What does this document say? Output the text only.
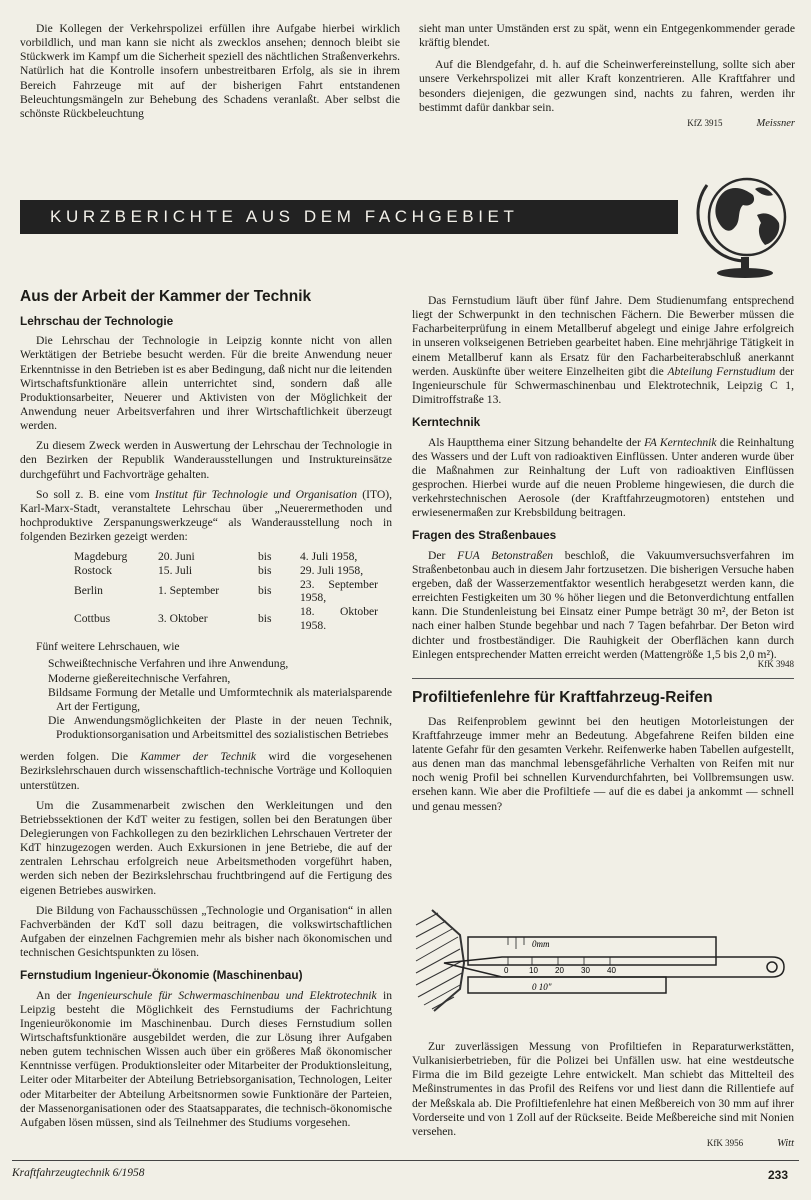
Die Kollegen der Verkehrspolizei erfüllen ihre Aufgabe hierbei wirklich vorbildlich, und man kann sie nicht als zwecklos ansehen; dennoch bleibt sie Stückwerk im Kampf um die Sicherheit speziell des nächtlichen Straßenverkehrs. Natürlich hat die Kontrolle insofern unbestreitbaren Erfolg, als sie in ihrem Bereich Fahrzeuge mit auf der bisherigen Fahrt entstandenen Beleuchtungsmängeln zur Behebung des Schadens veranlaßt. Aber selbst die schönste Rückbeleuchtung

sieht man unter Umständen erst zu spät, wenn ein Entgegenkommender gerade kräftig blendet.

Auf die Blendgefahr, d. h. auf die Scheinwerfereinstellung, sollte sich aber unsere Verkehrspolizei mit aller Kraft konzentrieren. Alle Kraftfahrer und besonders diejenigen, die gezwungen sind, nachts zu fahren, werden ihr bestimmt dafür dankbar sein.

KfZ 3915	Meissner
KURZBERICHTE AUS DEM FACHGEBIET
Aus der Arbeit der Kammer der Technik
Lehrschau der Technologie

Die Lehrschau der Technologie in Leipzig konnte nicht von allen Werktätigen der Betriebe besucht werden. Für die breite Anwendung neuer Erkenntnisse in den Betrieben ist es aber Bedingung, daß nicht nur die leitenden Wirtschaftsfunktionäre allein unterrichtet sind, sondern daß alle Produktionsarbeiter, Neuerer und Aktivisten von der Möglichkeit der Anwendung neuer Arbeitsverfahren und ihrer Wirtschaftlichkeit überzeugt werden.

Zu diesem Zweck werden in Auswertung der Lehrschau der Technologie in den Bezirken der Republik Wanderausstellungen und Instruktureinsätze durchgeführt und Fachvorträge gehalten.

So soll z. B. eine vom Institut für Technologie und Organisation (ITO), Karl-Marx-Stadt, veranstaltete Lehrschau über „Neuerermethoden und hochproduktive Zerspanungswerkzeuge“ als Wanderausstellung noch in folgenden Bezirken gezeigt werden:

Magdeburg	20. Juni	bis	4. Juli 1958,
Rostock	15. Juli	bis	29. Juli 1958,
Berlin	1. September	bis	23. September 1958,
Cottbus	3. Oktober	bis	18. Oktober 1958.

Fünf weitere Lehrschauen, wie

Schweißtechnische Verfahren und ihre Anwendung,
Moderne gießereitechnische Verfahren,
Bildsame Formung der Metalle und Umformtechnik als materialsparende Art der Fertigung,
Die Anwendungsmöglichkeiten der Plaste in der neuen Technik, Produktionsorganisation und Arbeitsmittel des sozialistischen Betriebes

werden folgen. Die Kammer der Technik wird die vorgesehenen Bezirkslehrschauen durch wissenschaftlich-technische Vorträge und Kolloquien unterstützen.

Um die Zusammenarbeit zwischen den Werkleitungen und den Betriebssektionen der KdT weiter zu festigen, sollen bei den Beratungen über Delegierungen von Fachkollegen zu den bezirklichen Lehrschauen Vertreter der KdT hinzugezogen werden. Auch Exkursionen in jene Betriebe, die auf der zentralen Lehrschau erfolgreich neue Arbeitsmethoden vorgeführt haben, werden sich neben der Bezirkslehrschau fruchtbringend auf die Fertigung des eigenen Betriebes auswirken.

Die Bildung von Fachausschüssen „Technologie und Organisation“ in allen Fachverbänden der KdT soll dazu beitragen, die volkswirtschaftlichen Aufgaben der einzelnen Fachgremien mehr als bisher nach ökonomischen und technischen Gesichtspunkten zu lösen.

Fernstudium Ingenieur-Ökonomie (Maschinenbau)

An der Ingenieurschule für Schwermaschinenbau und Elektrotechnik in Leipzig besteht die Möglichkeit des Fernstudiums der Fachrichtung Ingenieurökonomie im Maschinenbau. Durch dieses Fernstudium sollen Wirtschaftsfunktionäre ausgebildet werden, die zur Lösung ihrer Aufgaben neben gutem technischen Wissen auch über ein größeres Maß ökonomischer Kenntnisse verfügen. Produktionsleiter oder Mitarbeiter der Produktionsleitung, Leiter oder Mitarbeiter der Abteilung Betriebsorganisation, Technologen, Leiter oder Mitarbeiter der Abteilung Arbeitsnormen sowie Funktionäre der Parteien, der Massenorganisationen oder des Staatsapparates, die technisch-ökonomische Aufgaben lösen müssen, sind als Teilnehmer des Studiums vorgesehen.

Das Fernstudium läuft über fünf Jahre. Dem Studienumfang entsprechend liegt der Schwerpunkt in den technischen Fächern. Die Bewerber müssen die Facharbeiterprüfung in einem Metallberuf abgelegt und einige Jahre erfolgreich in unseren volkseigenen Betrieben gearbeitet haben. Eine mehrjährige Tätigkeit in einem Metallberuf kann als Ersatz für den Facharbeiterabschluß anerkannt werden. Auskünfte über weitere Einzelheiten gibt die Abteilung Fernstudium der Ingenieurschule für Schwermaschinenbau und Elektrotechnik, Leipzig C 1, Dimitroffstraße 13.

Kerntechnik

Als Hauptthema einer Sitzung behandelte der FA Kerntechnik die Reinhaltung des Wassers und der Luft von radioaktiven Einflüssen. Unter anderen wurde über die Maßnahmen zur Reinhaltung der Luft von radioaktiven Einflüssen gesprochen. Hierbei wurde auf die neuen Probleme hingewiesen, die durch die verkehrstechnischen Aerosole (der Kraftfahrzeugmotoren) entstehen und erwiesenermaßen zur Krebsbildung beitragen.

Fragen des Straßenbaues

Der FUA Betonstraßen beschloß, die Vakuumversuchsverfahren im Straßenbetonbau auch in diesem Jahr fortzusetzen. Die bisherigen Versuche haben ergeben, daß der Wasserzementfaktor wesentlich herabgesetzt werden kann, die erreichten Festigkeiten um 30 % höher liegen und die Betonverdichtung entfallen kann. Die Stundenleistung bei Einsatz einer Pumpe beträgt 30 m², der Beton ist nach einer halben Stunde begehbar und nach 7 Tagen befahrbar. Der Beton wird dichter und frostbeständiger. Die Rauhigkeit der Oberflächen kann durch Einlegen entsprechender Matten erreicht werden (Mattengröße 1,5 bis 2,0 m²).

KfK 3948
Profiltiefenlehre für Kraftfahrzeug-Reifen

Das Reifenproblem gewinnt bei den heutigen Motorleistungen der Kraftfahrzeuge immer mehr an Bedeutung. Abgefahrene Reifen bilden eine latente Gefahr für den gesamten Verkehr. Reifenwerke haben Tabellen aufgestellt, aus denen man das manchmal lebensgefährliche Verhalten von Reifen mit nur noch wenig Profil bei schnellen Kurvendurchfahrten, bei Vollbremsungen usw. ersehen kann. Wie aber die Profiltiefe — auf die es dabei ja ankommt — schnell und genau messen?

0mm
0	10 20 30 40
0 10"

Zur zuverlässigen Messung von Profiltiefen in Reparaturwerkstätten, Vulkanisierbetrieben, für die Polizei bei Unfällen usw. hat eine westdeutsche Firma die im Bild gezeigte Lehre entwickelt. Man schiebt das Mittelteil des Meßinstrumentes in das Profil des Reifens vor und liest dann die Rillentiefe auf der Meßskala ab. Die Profiltiefenlehre hat einen Meßbereich von 30 mm auf ihrer Vorderseite und von 1 Zoll auf der Rückseite. Beide Meßbereiche sind mit Nonien versehen.

KfK 3956	Witt
Kraftfahrzeugtechnik 6/1958	233
